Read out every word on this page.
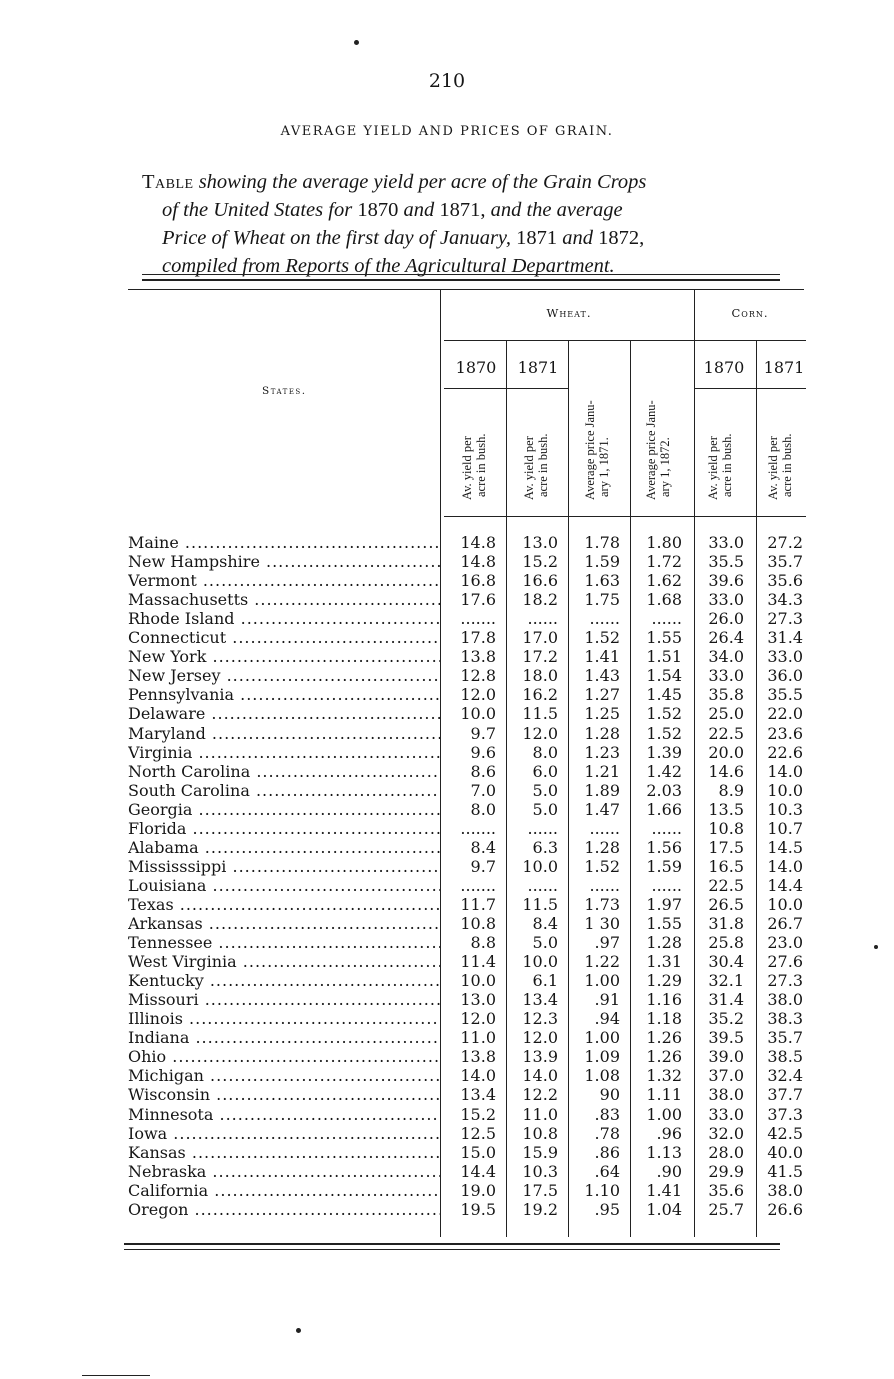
210
AVERAGE YIELD AND PRICES OF GRAIN.
Table showing the average yield per acre of the Grain Crops
of the United States for 1870 and 1871, and the average
Price of Wheat on the first day of January, 1871 and 1872,
compiled from Reports of the Agricultural Department.
States.
Wheat.	Corn.
1870	1871	1870	1871
Av. yield per acre in bush.	Av. yield per acre in bush.	Average price Janu- ary 1, 1871.	Average price Janu- ary 1, 1872.	Av. yield per acre in bush.	Av. yield per acre in bush.
Maine .....	14.8	13.0	1.78	1.80	33.0	27.2
New Hampshire .....	14.8	15.2	1.59	1.72	35.5	35.7
Vermont .....	16.8	16.6	1.63	1.62	39.6	35.6
Massachusetts .....	17.6	18.2	1.75	1.68	33.0	34.3
Rhode Island .....	.......	......	......	......	26.0	27.3
Connecticut .....	17.8	17.0	1.52	1.55	26.4	31.4
New York .....	13.8	17.2	1.41	1.51	34.0	33.0
New Jersey .....	12.8	18.0	1.43	1.54	33.0	36.0
Pennsylvania .....	12.0	16.2	1.27	1.45	35.8	35.5
Delaware .....	10.0	11.5	1.25	1.52	25.0	22.0
Maryland .....	9.7	12.0	1.28	1.52	22.5	23.6
Virginia .....	9.6	8.0	1.23	1.39	20.0	22.6
North Carolina .....	8.6	6.0	1.21	1.42	14.6	14.0
South Carolina .....	7.0	5.0	1.89	2.03	8.9	10.0
Georgia .....	8.0	5.0	1.47	1.66	13.5	10.3
Florida .....	.......	......	......	......	10.8	10.7
Alabama .....	8.4	6.3	1.28	1.56	17.5	14.5
Mississsippi .....	9.7	10.0	1.52	1.59	16.5	14.0
Louisiana .....	.......	......	......	......	22.5	14.4
Texas .....	11.7	11.5	1.73	1.97	26.5	10.0
Arkansas .....	10.8	8.4	1 30	1.55	31.8	26.7
Tennessee .....	8.8	5.0	.97	1.28	25.8	23.0
West Virginia .....	11.4	10.0	1.22	1.31	30.4	27.6
Kentucky .....	10.0	6.1	1.00	1.29	32.1	27.3
Missouri .....	13.0	13.4	.91	1.16	31.4	38.0
Illinois .....	12.0	12.3	.94	1.18	35.2	38.3
Indiana .....	11.0	12.0	1.00	1.26	39.5	35.7
Ohio .....	13.8	13.9	1.09	1.26	39.0	38.5
Michigan .....	14.0	14.0	1.08	1.32	37.0	32.4
Wisconsin .....	13.4	12.2	90	1.11	38.0	37.7
Minnesota .....	15.2	11.0	.83	1.00	33.0	37.3
Iowa .....	12.5	10.8	.78	.96	32.0	42.5
Kansas .....	15.0	15.9	.86	1.13	28.0	40.0
Nebraska .....	14.4	10.3	.64	.90	29.9	41.5
California .....	19.0	17.5	1.10	1.41	35.6	38.0
Oregon .....	19.5	19.2	.95	1.04	25.7	26.6
